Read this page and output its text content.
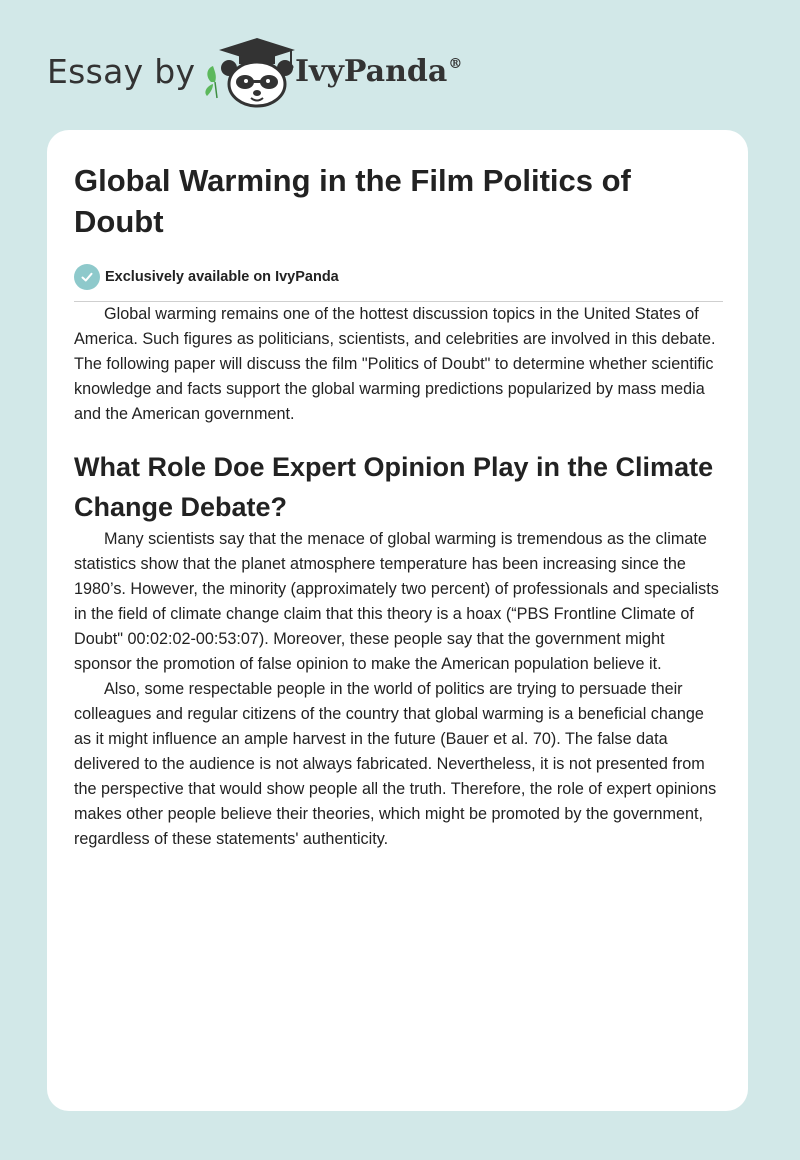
Essay by	IvyPanda®
Global Warming in the Film Politics of Doubt
Exclusively available on IvyPanda

Global warming remains one of the hottest discussion topics in the United States of America. Such figures as politicians, scientists, and celebrities are involved in this debate. The following paper will discuss the film "Politics of Doubt" to determine whether scientific knowledge and facts support the global warming predictions popularized by mass media and the American government.

What Role Doe Expert Opinion Play in the Climate Change Debate?

Many scientists say that the menace of global warming is tremendous as the climate statistics show that the planet atmosphere temperature has been increasing since the 1980’s. However, the minority (approximately two percent) of professionals and specialists in the field of climate change claim that this theory is a hoax (“PBS Frontline Climate of Doubt" 00:02:02-00:53:07). Moreover, these people say that the government might sponsor the promotion of false opinion to make the American population believe it.

Also, some respectable people in the world of politics are trying to persuade their colleagues and regular citizens of the country that global warming is a beneficial change as it might influence an ample harvest in the future (Bauer et al. 70). The false data delivered to the audience is not always fabricated. Nevertheless, it is not presented from the perspective that would show people all the truth. Therefore, the role of expert opinions makes other people believe their theories, which might be promoted by the government, regardless of these statements' authenticity.
